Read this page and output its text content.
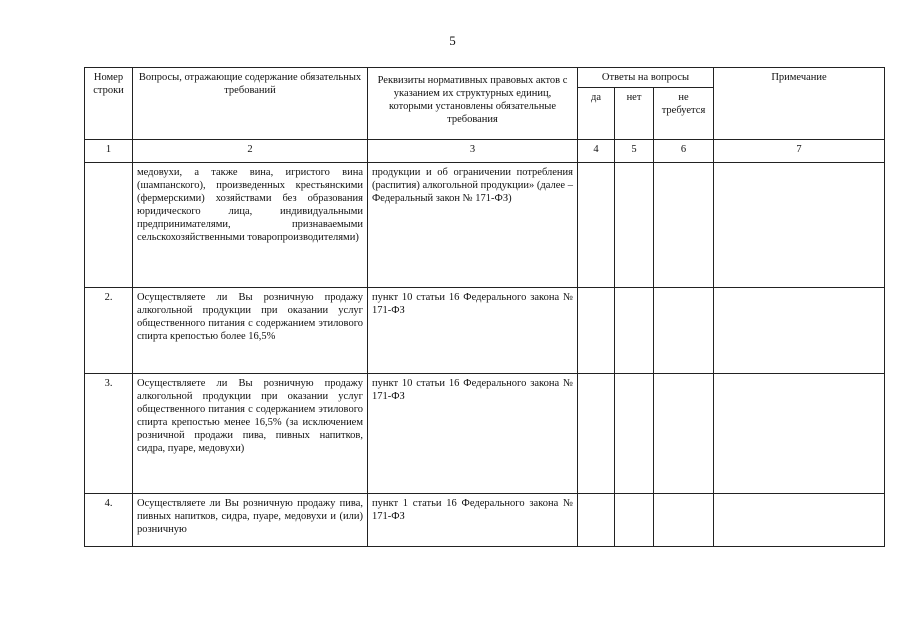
5
Номер строки	Вопросы, отражающие содержание обязательных требований	Реквизиты нормативных правовых актов с указанием их структурных единиц, которыми установлены обязательные требования	Ответы на вопросы			Примечание
			да	нет	не требуется	
1	2	3	4	5	6	7
	медовухи, а также вина, игристого вина (шампанского), произведенных крестьянскими (фермерскими) хозяйствами без образования юридического лица, индивидуальными предпринимателями, признаваемыми сельскохозяйственными товаропроизводителями)	продукции и об ограничении потребления (распития) алкогольной продукции» (далее – Федеральный закон № 171-ФЗ)				
2.	Осуществляете ли Вы розничную продажу алкогольной продукции при оказании услуг общественного питания с содержанием этилового спирта крепостью более 16,5%	пункт 10 статьи 16 Федерального закона № 171-ФЗ				
3.	Осуществляете ли Вы розничную продажу алкогольной продукции при оказании услуг общественного питания с содержанием этилового спирта крепостью менее 16,5% (за исключением розничной продажи пива, пивных напитков, сидра, пуаре, медовухи)	пункт 10 статьи 16 Федерального закона № 171-ФЗ				
4.	Осуществляете ли Вы розничную продажу пива, пивных напитков, сидра, пуаре, медовухи и (или) розничную	пункт 1 статьи 16 Федерального закона № 171-ФЗ				
